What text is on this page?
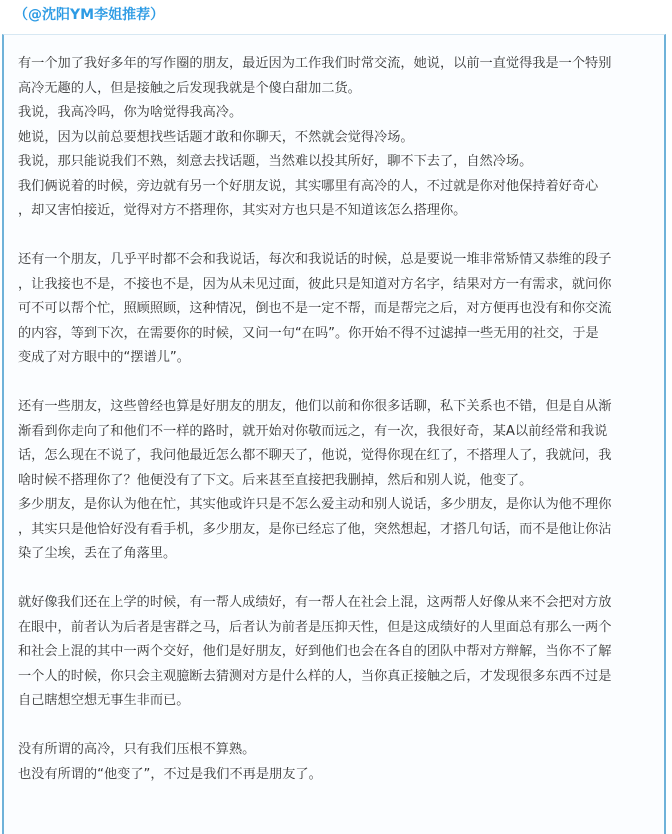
（@沈阳YM李姐推荐）
有一个加了我好多年的写作圈的朋友，最近因为工作我们时常交流，她说，以前一直觉得我是一个特别
高冷无趣的人，但是接触之后发现我就是个傻白甜加二货。
我说，我高冷吗，你为啥觉得我高冷。
她说，因为以前总要想找些话题才敢和你聊天，不然就会觉得冷场。
我说，那只能说我们不熟，刻意去找话题，当然难以投其所好，聊不下去了，自然冷场。
我们俩说着的时候，旁边就有另一个好朋友说，其实哪里有高冷的人，不过就是你对他保持着好奇心
，却又害怕接近，觉得对方不搭理你，其实对方也只是不知道该怎么搭理你。
还有一个朋友，几乎平时都不会和我说话，每次和我说话的时候，总是要说一堆非常矫情又恭维的段子
，让我接也不是，不接也不是，因为从未见过面，彼此只是知道对方名字，结果对方一有需求，就问你
可不可以帮个忙，照顾照顾，这种情况，倒也不是一定不帮，而是帮完之后，对方便再也没有和你交流
的内容，等到下次，在需要你的时候，又问一句“在吗”。你开始不得不过滤掉一些无用的社交，于是
变成了对方眼中的“摆谱儿”。
还有一些朋友，这些曾经也算是好朋友的朋友，他们以前和你很多话聊，私下关系也不错，但是自从渐
渐看到你走向了和他们不一样的路时，就开始对你敬而远之，有一次，我很好奇，某A以前经常和我说
话，怎么现在不说了，我问他最近怎么都不聊天了，他说，觉得你现在红了，不搭理人了，我就问，我
啥时候不搭理你了？他便没有了下文。后来甚至直接把我删掉，然后和别人说，他变了。
多少朋友，是你认为他在忙，其实他或许只是不怎么爱主动和别人说话，多少朋友，是你认为他不理你
，其实只是他恰好没有看手机，多少朋友，是你已经忘了他，突然想起，才搭几句话，而不是他让你沾
染了尘埃，丢在了角落里。
就好像我们还在上学的时候，有一帮人成绩好，有一帮人在社会上混，这两帮人好像从来不会把对方放
在眼中，前者认为后者是害群之马，后者认为前者是压抑天性，但是这成绩好的人里面总有那么一两个
和社会上混的其中一两个交好，他们是好朋友，好到他们也会在各自的团队中帮对方辩解，当你不了解
一个人的时候，你只会主观臆断去猜测对方是什么样的人，当你真正接触之后，才发现很多东西不过是
自己瞎想空想无事生非而已。
没有所谓的高冷，只有我们压根不算熟。
也没有所谓的“他变了”，不过是我们不再是朋友了。
